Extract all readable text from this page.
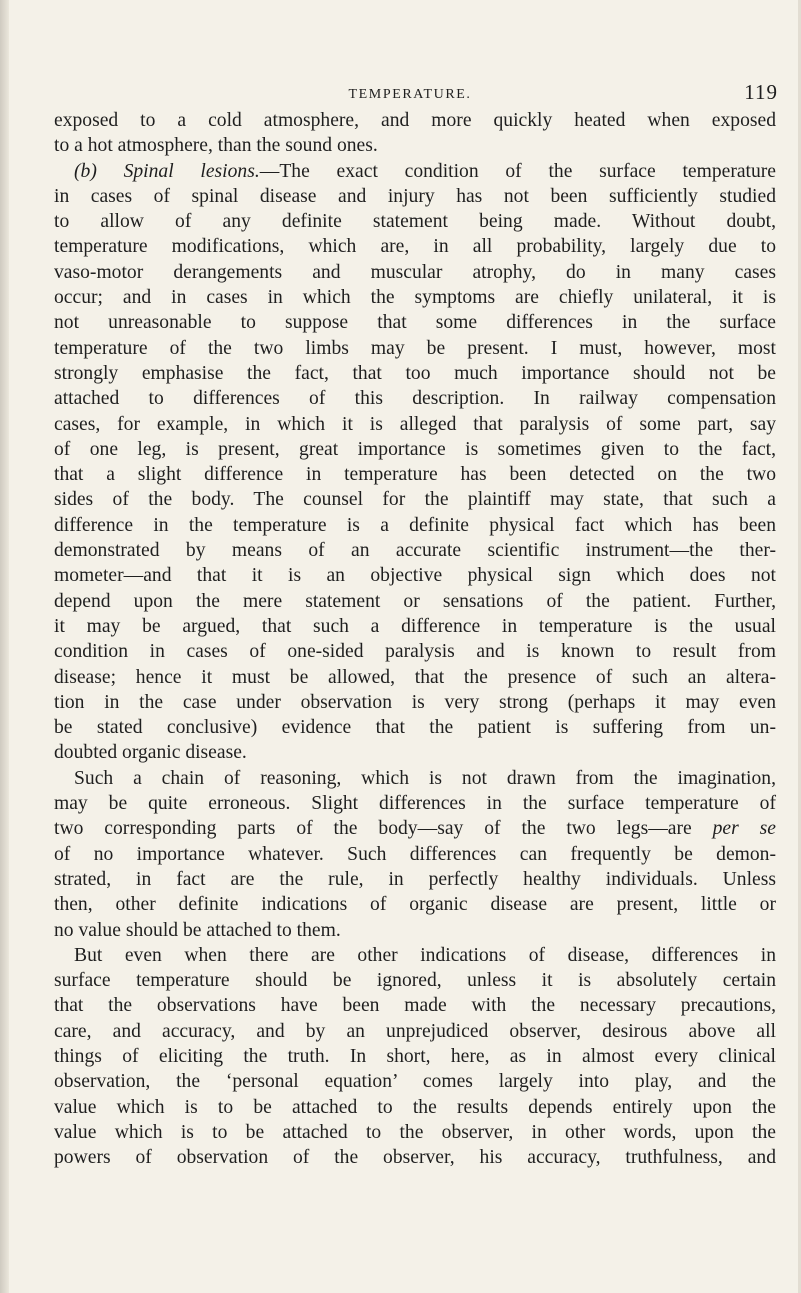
TEMPERATURE.	119
exposed to a cold atmosphere, and more quickly heated when exposed
to a hot atmosphere, than the sound ones.
(b) Spinal lesions.—The exact condition of the surface temperature
in cases of spinal disease and injury has not been sufficiently studied
to allow of any definite statement being made. Without doubt,
temperature modifications, which are, in all probability, largely due to
vaso-motor derangements and muscular atrophy, do in many cases
occur; and in cases in which the symptoms are chiefly unilateral, it is
not unreasonable to suppose that some differences in the surface
temperature of the two limbs may be present. I must, however, most
strongly emphasise the fact, that too much importance should not be
attached to differences of this description. In railway compensation
cases, for example, in which it is alleged that paralysis of some part, say
of one leg, is present, great importance is sometimes given to the fact,
that a slight difference in temperature has been detected on the two
sides of the body. The counsel for the plaintiff may state, that such a
difference in the temperature is a definite physical fact which has been
demonstrated by means of an accurate scientific instrument—the ther-
mometer—and that it is an objective physical sign which does not
depend upon the mere statement or sensations of the patient. Further,
it may be argued, that such a difference in temperature is the usual
condition in cases of one-sided paralysis and is known to result from
disease; hence it must be allowed, that the presence of such an altera-
tion in the case under observation is very strong (perhaps it may even
be stated conclusive) evidence that the patient is suffering from un-
doubted organic disease.
Such a chain of reasoning, which is not drawn from the imagination,
may be quite erroneous. Slight differences in the surface temperature of
two corresponding parts of the body—say of the two legs—are per se
of no importance whatever. Such differences can frequently be demon-
strated, in fact are the rule, in perfectly healthy individuals. Unless
then, other definite indications of organic disease are present, little or
no value should be attached to them.
But even when there are other indications of disease, differences in
surface temperature should be ignored, unless it is absolutely certain
that the observations have been made with the necessary precautions,
care, and accuracy, and by an unprejudiced observer, desirous above all
things of eliciting the truth. In short, here, as in almost every clinical
observation, the ‘personal equation’ comes largely into play, and the
value which is to be attached to the results depends entirely upon the
value which is to be attached to the observer, in other words, upon the
powers of observation of the observer, his accuracy, truthfulness, and
